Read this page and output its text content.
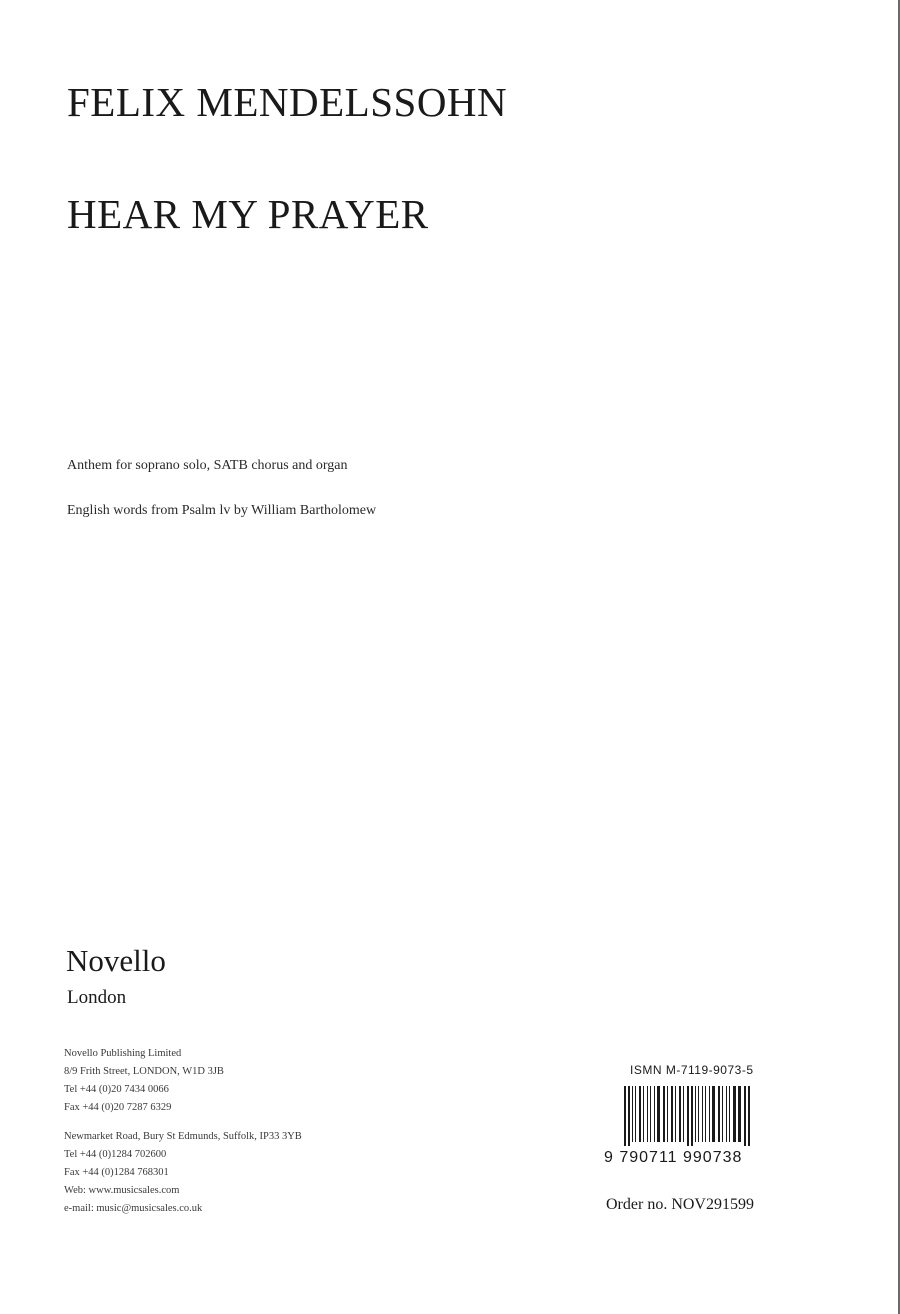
FELIX MENDELSSOHN
HEAR MY PRAYER
Anthem for soprano solo, SATB chorus and organ
English words from Psalm lv by William Bartholomew
Novello
London
Novello Publishing Limited
8/9 Frith Street, LONDON, W1D 3JB
Tel +44 (0)20 7434 0066
Fax +44 (0)20 7287 6329
Newmarket Road, Bury St Edmunds, Suffolk, IP33 3YB
Tel +44 (0)1284 702600
Fax +44 (0)1284 768301
Web: www.musicsales.com
e-mail: music@musicsales.co.uk
ISMN M-7119-9073-5
9 790711 990738
Order no. NOV291599
